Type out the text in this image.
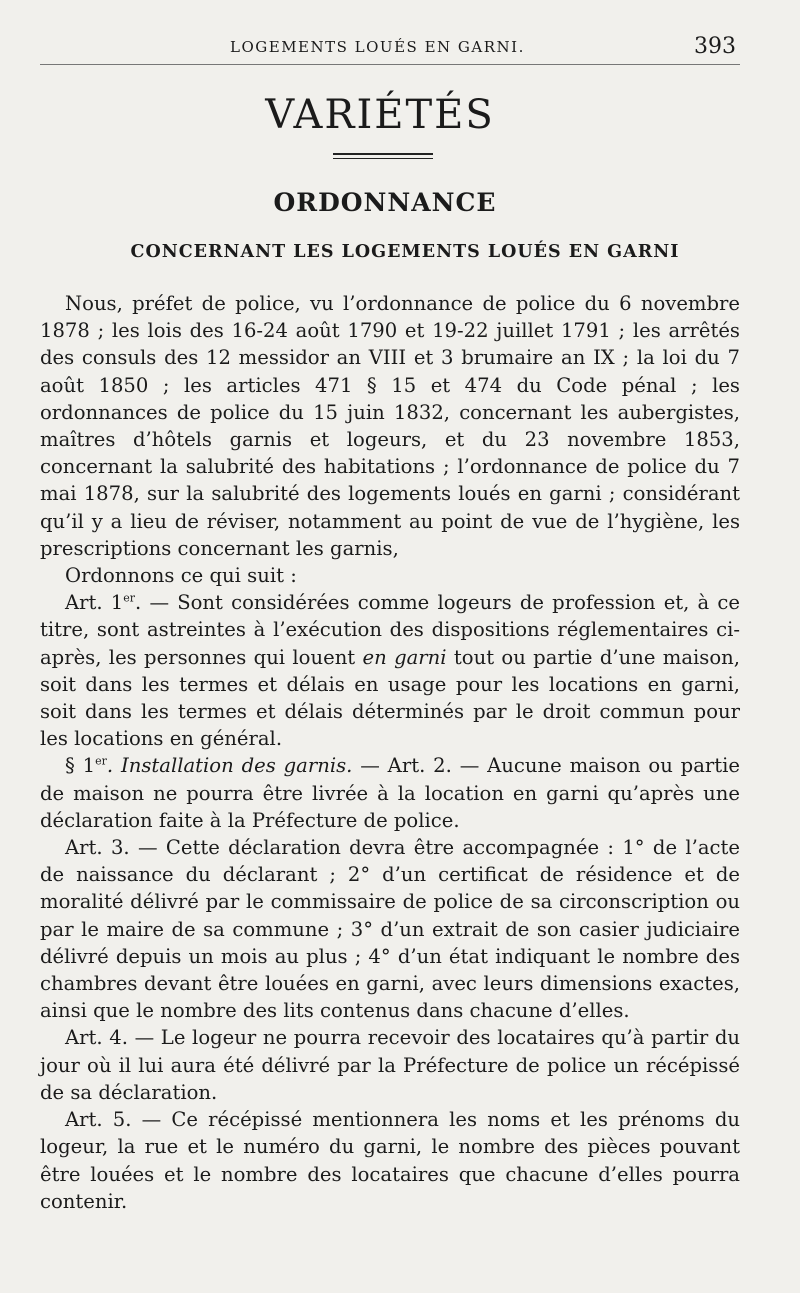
LOGEMENTS LOUÉS EN GARNI.	393
VARIÉTÉS
ORDONNANCE
CONCERNANT LES LOGEMENTS LOUÉS EN GARNI

Nous, préfet de police, vu l’ordonnance de police du 6 novembre 1878 ; les lois des 16-24 août 1790 et 19-22 juillet 1791 ; les arrêtés des consuls des 12 messidor an VIII et 3 brumaire an IX ; la loi du 7 août 1850 ; les articles 471 § 15 et 474 du Code pénal ; les ordonnances de police du 15 juin 1832, concernant les aubergistes, maîtres d’hôtels garnis et logeurs, et du 23 novembre 1853, concernant la salubrité des habitations ; l’ordonnance de police du 7 mai 1878, sur la salubrité des logements loués en garni ; considérant qu’il y a lieu de réviser, notamment au point de vue de l’hygiène, les prescriptions concernant les garnis,

Ordonnons ce qui suit :

Art. 1er. — Sont considérées comme logeurs de profession et, à ce titre, sont astreintes à l’exécution des dispositions réglementaires ci-après, les personnes qui louent en garni tout ou partie d’une maison, soit dans les termes et délais en usage pour les locations en garni, soit dans les termes et délais déterminés par le droit commun pour les locations en général.

§ 1er. Installation des garnis. — Art. 2. — Aucune maison ou partie de maison ne pourra être livrée à la location en garni qu’après une déclaration faite à la Préfecture de police.

Art. 3. — Cette déclaration devra être accompagnée : 1° de l’acte de naissance du déclarant ; 2° d’un certificat de résidence et de moralité délivré par le commissaire de police de sa circonscription ou par le maire de sa commune ; 3° d’un extrait de son casier judiciaire délivré depuis un mois au plus ; 4° d’un état indiquant le nombre des chambres devant être louées en garni, avec leurs dimensions exactes, ainsi que le nombre des lits contenus dans chacune d’elles.

Art. 4. — Le logeur ne pourra recevoir des locataires qu’à partir du jour où il lui aura été délivré par la Préfecture de police un récépissé de sa déclaration.

Art. 5. — Ce récépissé mentionnera les noms et les prénoms du logeur, la rue et le numéro du garni, le nombre des pièces pouvant être louées et le nombre des locataires que chacune d’elles pourra contenir.
